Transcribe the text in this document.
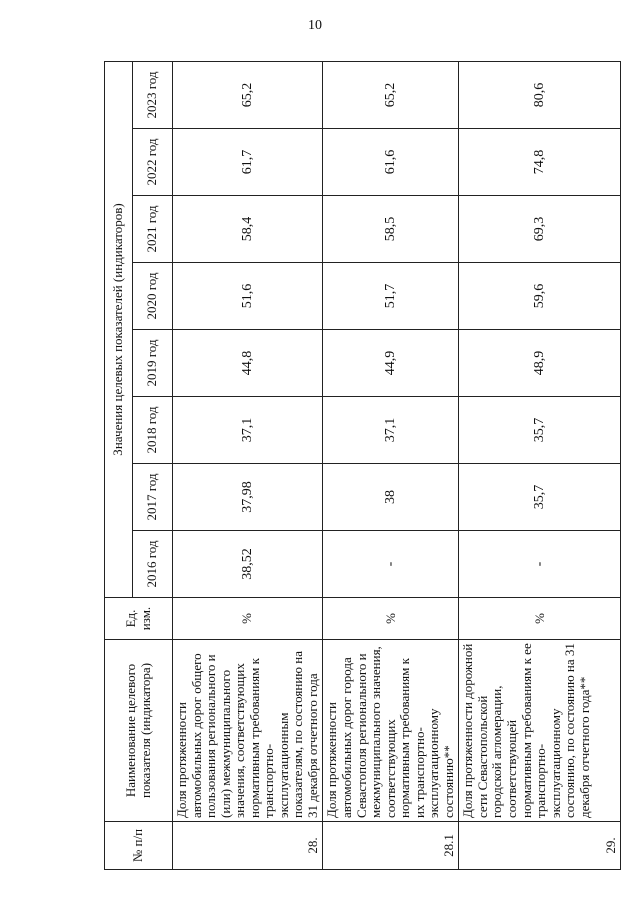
10
№ п/п	Наименование целевого показателя (индикатора)	Ед. изм.	Значения целевых показателей (индикаторов)							
			2016 год	2017 год	2018 год	2019 год	2020 год	2021 год	2022 год	2023 год
28.	Доля протяженности автомобильных дорог общего пользования регионального и (или) межмуниципального значения, соответствующих нормативным требованиям к транспортно-эксплуатационным показателям, по состоянию на 31 декабря отчетного года	%	38,52	37,98	37,1	44,8	51,6	58,4	61,7	65,2
28.1	Доля протяженности автомобильных дорог города Севастополя регионального и межмуниципального значения, соответствующих нормативным требованиям к их транспортно-эксплуатационному состоянию**	%	-	38	37,1	44,9	51,7	58,5	61,6	65,2
29.	Доля протяженности дорожной сети Севастопольской городской агломерации, соответствующей нормативным требованиям к ее транспортно-эксплуатационному состоянию, по состоянию на 31 декабря отчетного года**	%	-	35,7	35,7	48,9	59,6	69,3	74,8	80,6
